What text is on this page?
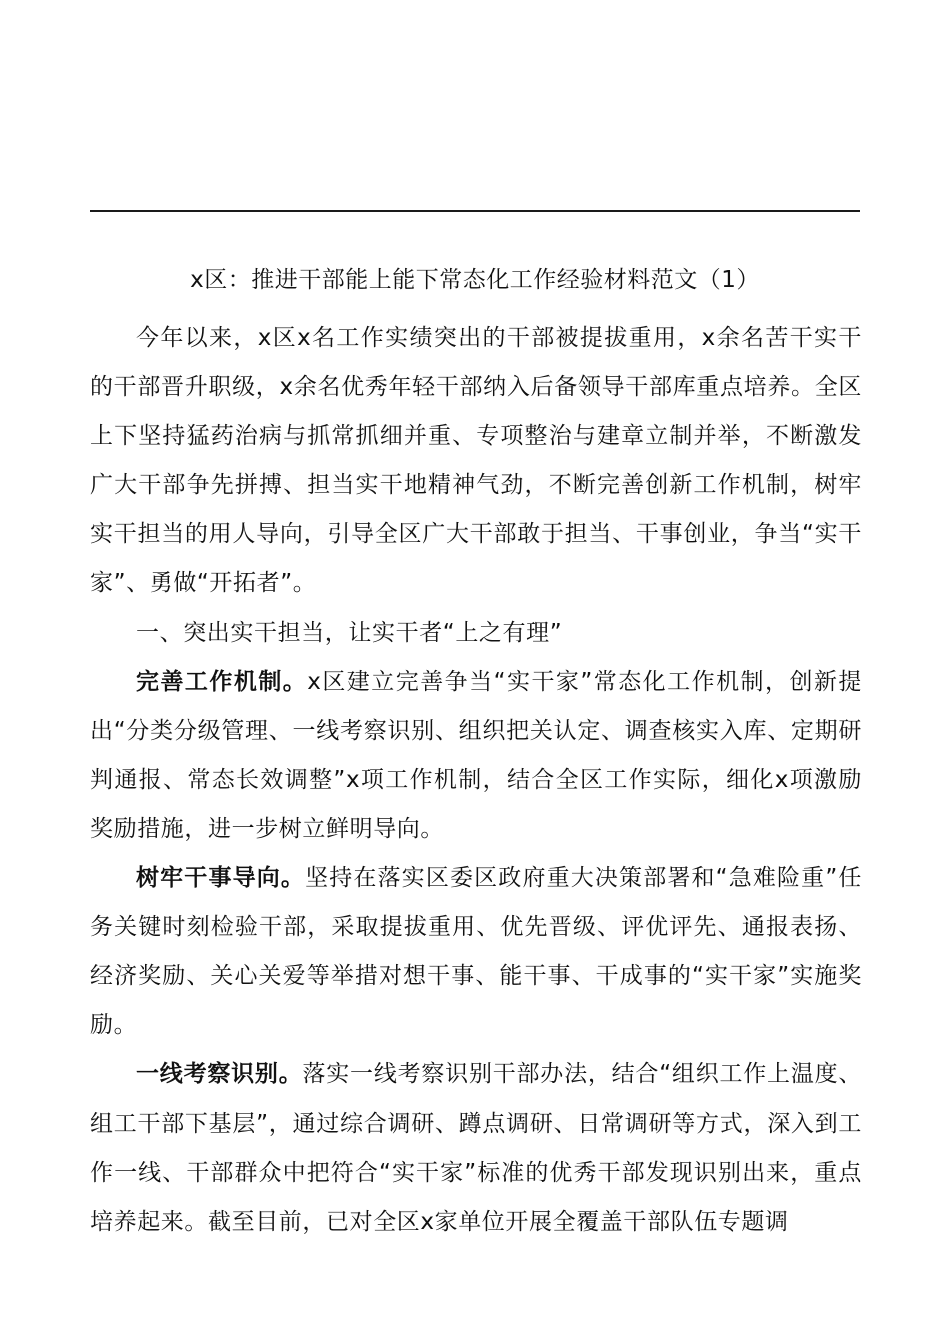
x区：推进干部能上能下常态化工作经验材料范文（1）

今年以来，x区x名工作实绩突出的干部被提拔重用，x余名苦干实干的干部晋升职级，x余名优秀年轻干部纳入后备领导干部库重点培养。全区上下坚持猛药治病与抓常抓细并重、专项整治与建章立制并举，不断激发广大干部争先拼搏、担当实干地精神气劲，不断完善创新工作机制，树牢实干担当的用人导向，引导全区广大干部敢于担当、干事创业，争当“实干家”、勇做“开拓者”。

一、突出实干担当，让实干者“上之有理”

完善工作机制。x区建立完善争当“实干家”常态化工作机制，创新提出“分类分级管理、一线考察识别、组织把关认定、调查核实入库、定期研判通报、常态长效调整”x项工作机制，结合全区工作实际，细化x项激励奖励措施，进一步树立鲜明导向。

树牢干事导向。坚持在落实区委区政府重大决策部署和“急难险重”任务关键时刻检验干部，采取提拔重用、优先晋级、评优评先、通报表扬、经济奖励、关心关爱等举措对想干事、能干事、干成事的“实干家”实施奖励。

一线考察识别。落实一线考察识别干部办法，结合“组织工作上温度、组工干部下基层”，通过综合调研、蹲点调研、日常调研等方式，深入到工作一线、干部群众中把符合“实干家”标准的优秀干部发现识别出来，重点培养起来。截至目前，已对全区x家单位开展全覆盖干部队伍专题调
